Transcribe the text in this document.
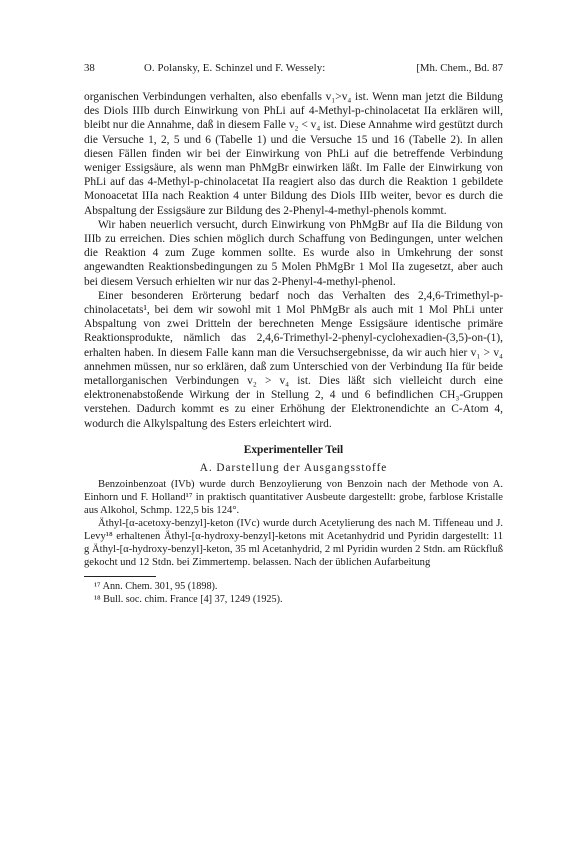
38	O. Polansky, E. Schinzel und F. Wessely:	[Mh. Chem., Bd. 87

organischen Verbindungen verhalten, also ebenfalls v₁>v₄ ist. Wenn man jetzt die Bildung des Diols IIIb durch Einwirkung von PhLi auf 4-Methyl-p-chinolacetat IIa erklären will, bleibt nur die Annahme, daß in diesem Falle v₂ < v₄ ist. Diese Annahme wird gestützt durch die Versuche 1, 2, 5 und 6 (Tabelle 1) und die Versuche 15 und 16 (Tabelle 2). In allen diesen Fällen finden wir bei der Einwirkung von PhLi auf die betreffende Verbindung weniger Essigsäure, als wenn man PhMgBr einwirken läßt. Im Falle der Einwirkung von PhLi auf das 4-Methyl-p-chinolacetat IIa reagiert also das durch die Reaktion 1 gebildete Monoacetat IIIa nach Reaktion 4 unter Bildung des Diols IIIb weiter, bevor es durch die Abspaltung der Essigsäure zur Bildung des 2-Phenyl-4-methyl-phenols kommt.

Wir haben neuerlich versucht, durch Einwirkung von PhMgBr auf IIa die Bildung von IIIb zu erreichen. Dies schien möglich durch Schaffung von Bedingungen, unter welchen die Reaktion 4 zum Zuge kommen sollte. Es wurde also in Umkehrung der sonst angewandten Reaktionsbedingungen zu 5 Molen PhMgBr 1 Mol IIa zugesetzt, aber auch bei diesem Versuch erhielten wir nur das 2-Phenyl-4-methyl-phenol.

Einer besonderen Erörterung bedarf noch das Verhalten des 2,4,6-Trimethyl-p-chinolacetats¹, bei dem wir sowohl mit 1 Mol PhMgBr als auch mit 1 Mol PhLi unter Abspaltung von zwei Dritteln der berechneten Menge Essigsäure identische primäre Reaktionsprodukte, nämlich das 2,4,6-Trimethyl-2-phenyl-cyclohexadien-(3,5)-on-(1), erhalten haben. In diesem Falle kann man die Versuchsergebnisse, da wir auch hier v₁ > v₄ annehmen müssen, nur so erklären, daß zum Unterschied von der Verbindung IIa für beide metallorganischen Verbindungen v₂ > v₄ ist. Dies läßt sich vielleicht durch eine elektronenabstoßende Wirkung der in Stellung 2, 4 und 6 befindlichen CH₃-Gruppen verstehen. Dadurch kommt es zu einer Erhöhung der Elektronendichte an C-Atom 4, wodurch die Alkylspaltung des Esters erleichtert wird.

Experimenteller Teil
A. Darstellung der Ausgangsstoffe

Benzoinbenzoat (IVb) wurde durch Benzoylierung von Benzoin nach der Methode von A. Einhorn und F. Holland¹⁷ in praktisch quantitativer Ausbeute dargestellt: grobe, farblose Kristalle aus Alkohol, Schmp. 122,5 bis 124°.

Äthyl-[α-acetoxy-benzyl]-keton (IVc) wurde durch Acetylierung des nach M. Tiffeneau und J. Levy¹⁸ erhaltenen Äthyl-[α-hydroxy-benzyl]-ketons mit Acetanhydrid und Pyridin dargestellt: 11 g Äthyl-[α-hydroxy-benzyl]-keton, 35 ml Acetanhydrid, 2 ml Pyridin wurden 2 Stdn. am Rückfluß gekocht und 12 Stdn. bei Zimmertemp. belassen. Nach der üblichen Aufarbeitung

¹⁷ Ann. Chem. 301, 95 (1898).
¹⁸ Bull. soc. chim. France [4] 37, 1249 (1925).
